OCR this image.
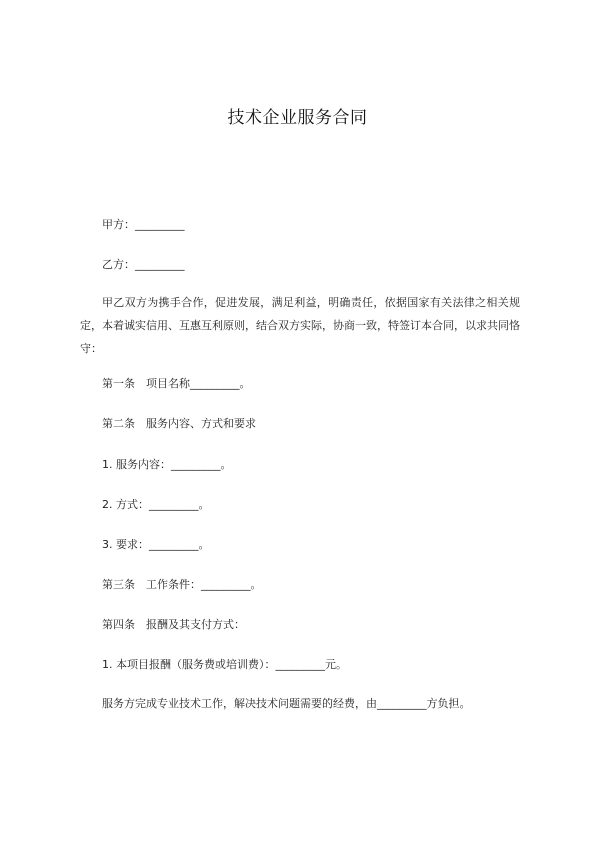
技术企业服务合同
甲方：_________
乙方：_________
甲乙双方为携手合作，促进发展，满足利益，明确责任，依据国家有关法律之相关规定，本着诚实信用、互惠互利原则，结合双方实际，协商一致，特签订本合同，以求共同恪守：
第一条　项目名称_________。
第二条　服务内容、方式和要求
1. 服务内容：_________。
2. 方式：_________。
3. 要求：_________。
第三条　工作条件：_________。
第四条　报酬及其支付方式：
1. 本项目报酬（服务费或培训费）：_________元。
服务方完成专业技术工作，解决技术问题需要的经费，由_________方负担。
